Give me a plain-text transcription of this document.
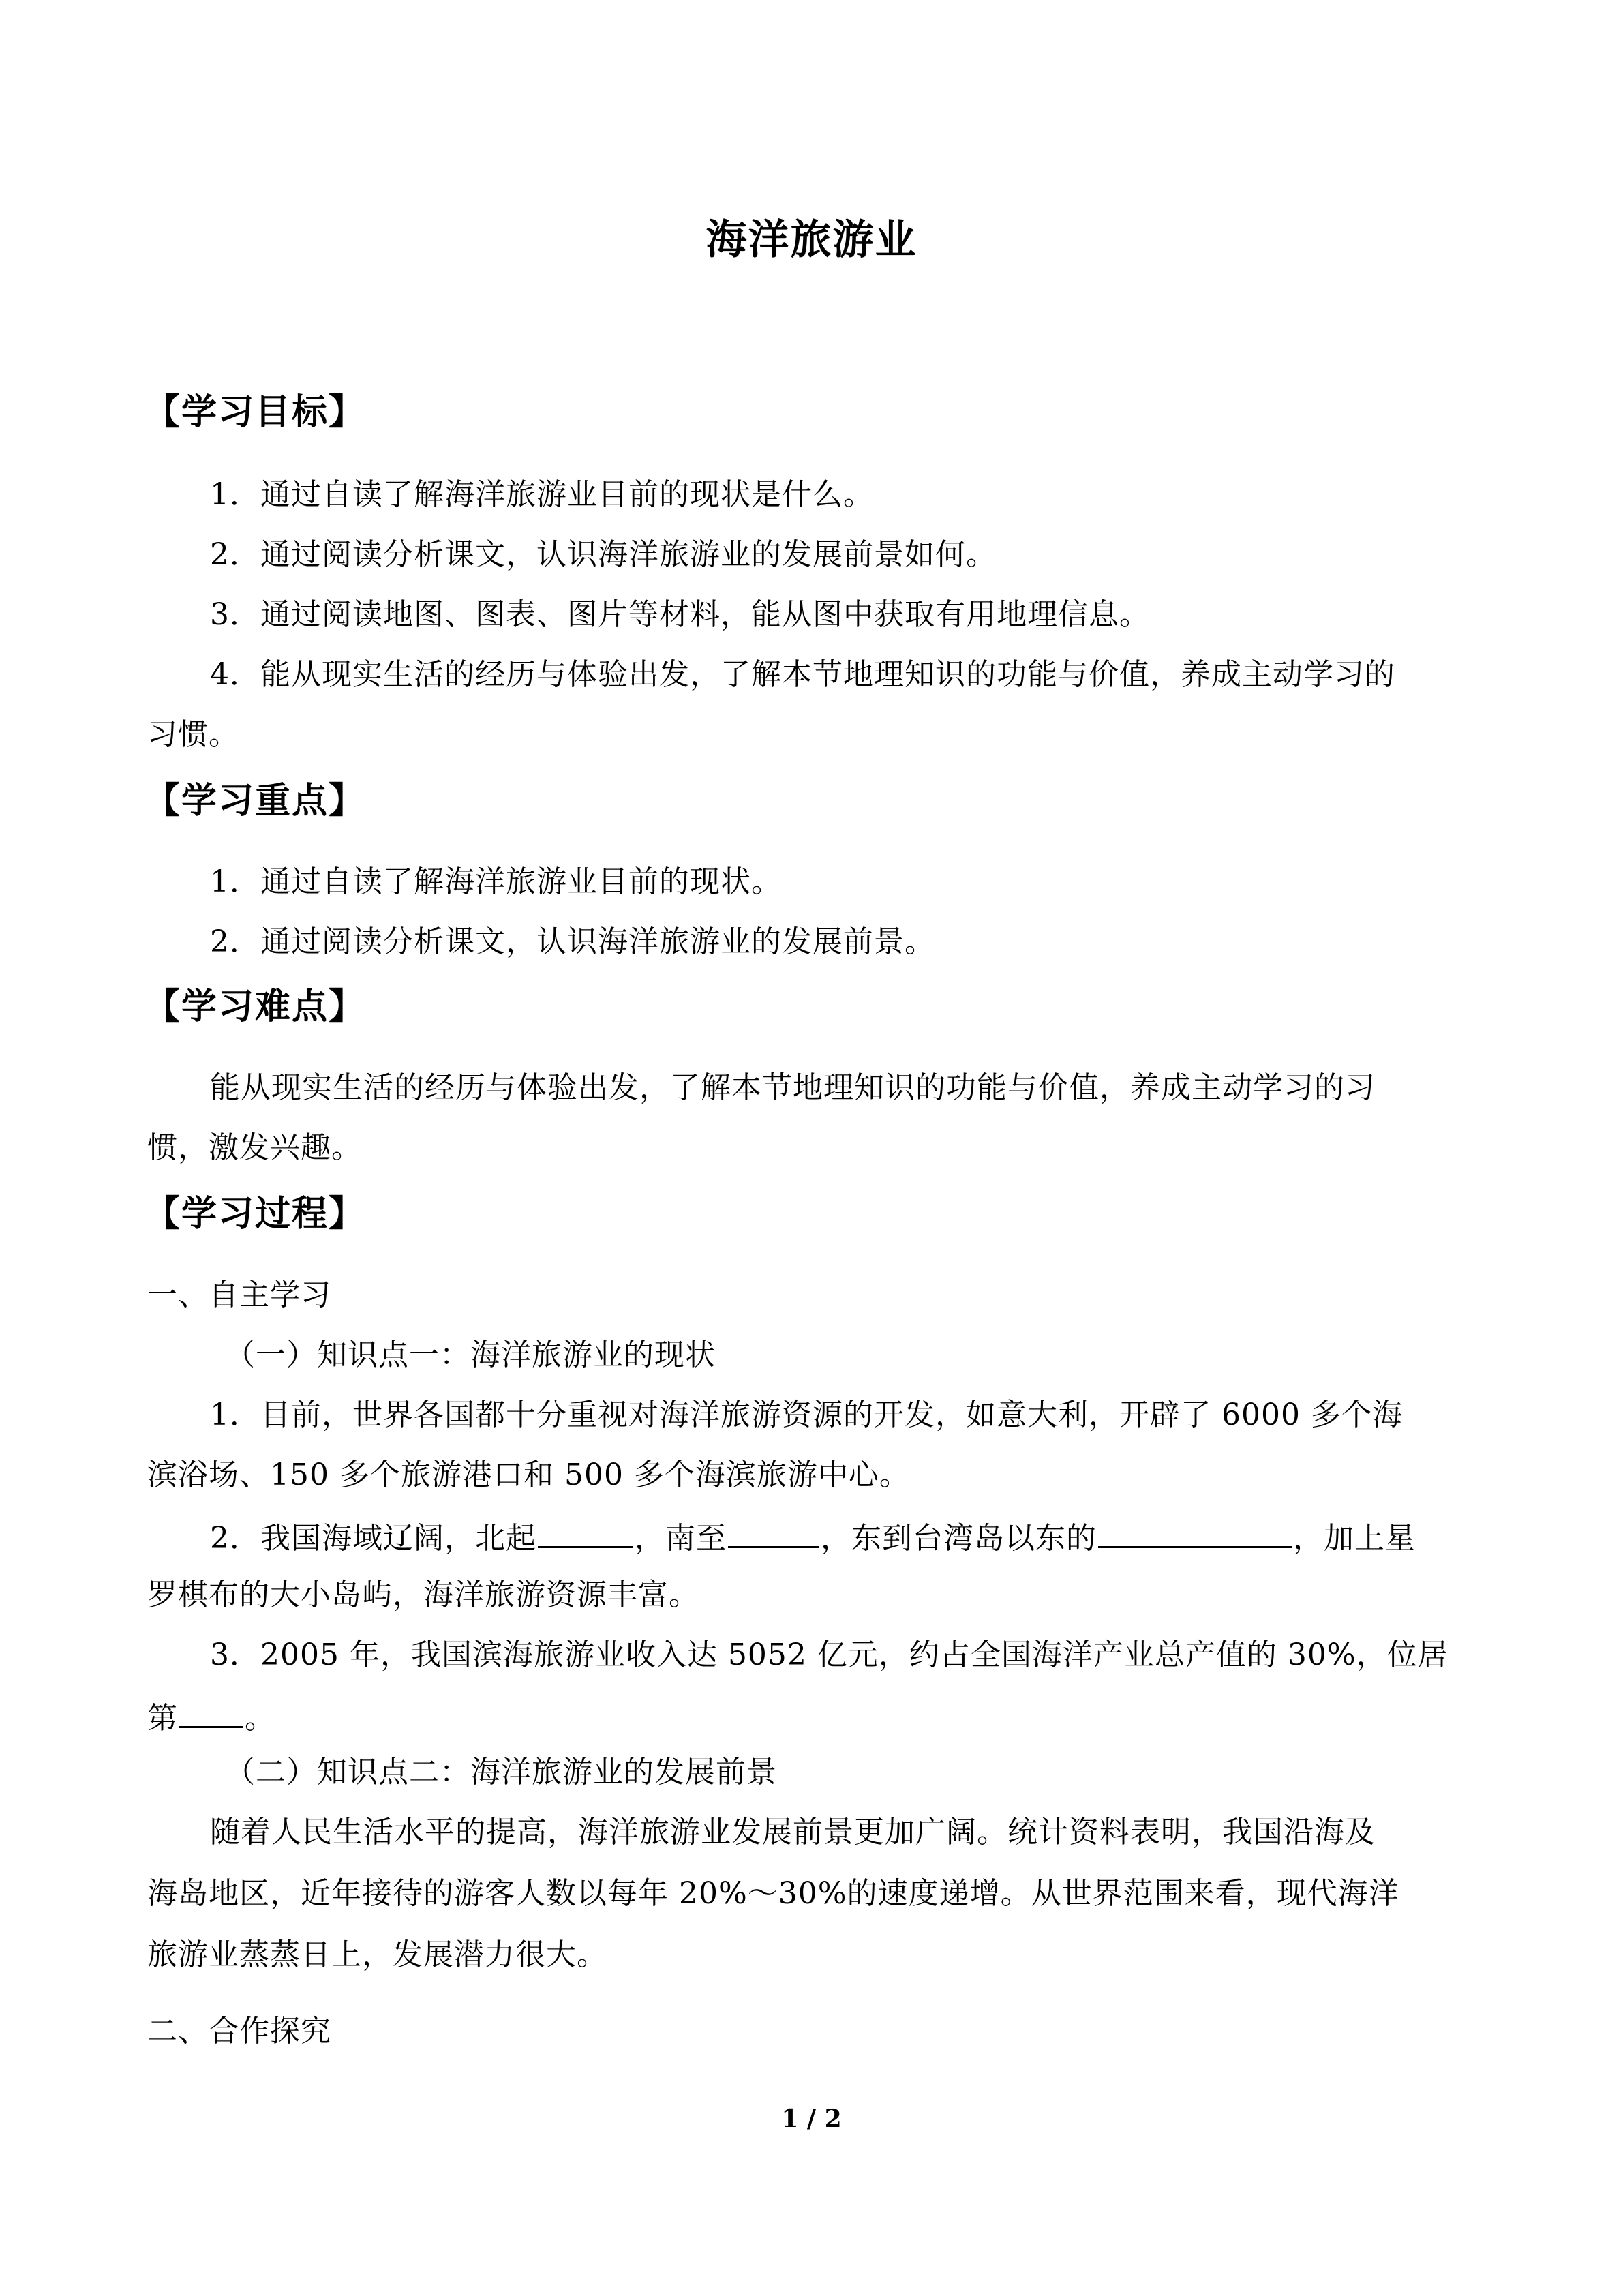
海洋旅游业
【学习目标】
1．通过自读了解海洋旅游业目前的现状是什么。
2．通过阅读分析课文，认识海洋旅游业的发展前景如何。
3．通过阅读地图、图表、图片等材料，能从图中获取有用地理信息。
4．能从现实生活的经历与体验出发，了解本节地理知识的功能与价值，养成主动学习的
习惯。
【学习重点】
1．通过自读了解海洋旅游业目前的现状。
2．通过阅读分析课文，认识海洋旅游业的发展前景。
【学习难点】
能从现实生活的经历与体验出发，了解本节地理知识的功能与价值，养成主动学习的习
惯，激发兴趣。
【学习过程】
一、自主学习
（一）知识点一：海洋旅游业的现状
1．目前，世界各国都十分重视对海洋旅游资源的开发，如意大利，开辟了 6000 多个海
滨浴场、150 多个旅游港口和 500 多个海滨旅游中心。
2．我国海域辽阔，北起	，南至	，东到台湾岛以东的	，加上星
罗棋布的大小岛屿，海洋旅游资源丰富。
3．2005 年，我国滨海旅游业收入达 5052 亿元，约占全国海洋产业总产值的 30%，位居
第 。
（二）知识点二：海洋旅游业的发展前景
随着人民生活水平的提高，海洋旅游业发展前景更加广阔。统计资料表明，我国沿海及
海岛地区，近年接待的游客人数以每年 20%～30%的速度递增。从世界范围来看，现代海洋
旅游业蒸蒸日上，发展潜力很大。
二、合作探究
1 / 2
